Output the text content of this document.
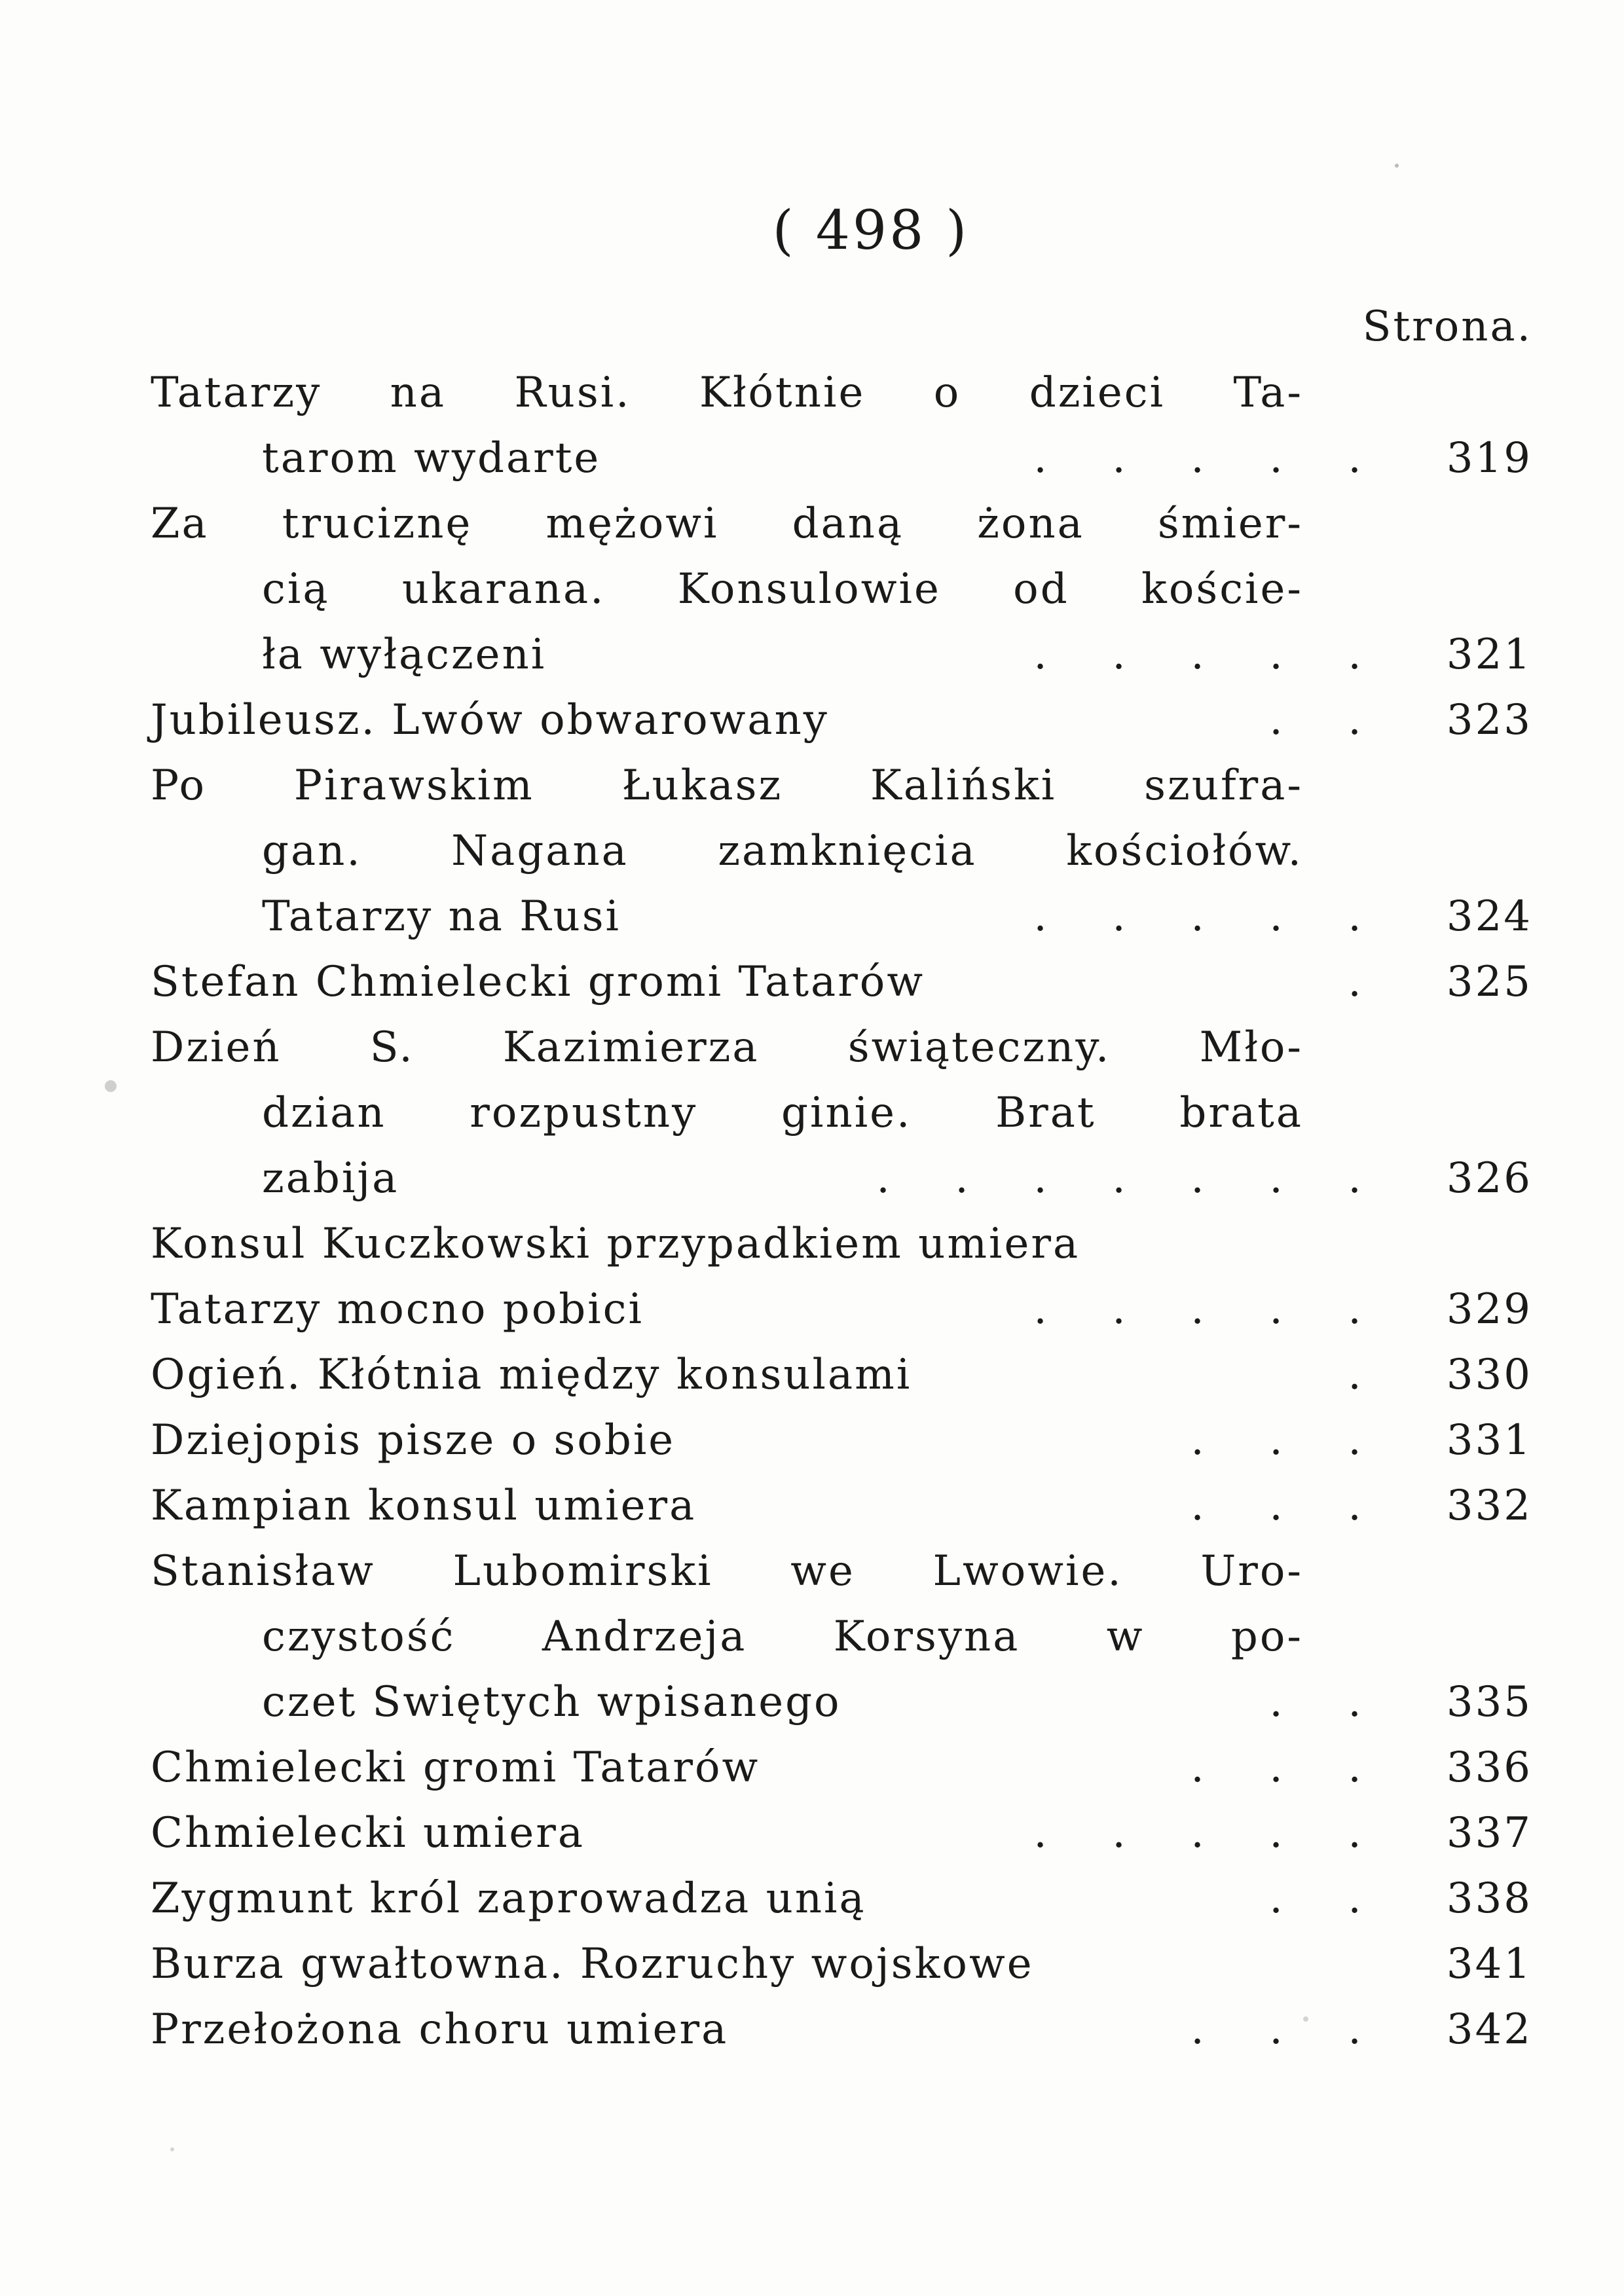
( 498 )
Strona.
Tatarzy na Rusi. Kłótnie o dzieci Ta-
tarom wydarte	.	.	.	.	.	319
Za truciznę mężowi daną żona śmier-
cią ukarana. Konsulowie od koście-
ła wyłączeni	.	.	.	.	.	321
Jubileusz. Lwów obwarowany	.	.	323
Po Pirawskim Łukasz Kaliński szufra-
gan. Nagana zamknięcia kościołów.
Tatarzy na Rusi	.	.	.	.	.	324
Stefan Chmielecki gromi Tatarów	.	325
Dzień S. Kazimierza świąteczny. Mło-
dzian rozpustny ginie. Brat brata
zabija	.	.	.	.	.	.	.	326
Konsul Kuczkowski przypadkiem umiera
Tatarzy mocno pobici	.	.	.	.	.	329
Ogień. Kłótnia między konsulami	.	330
Dziejopis pisze o sobie	.	.	.	331
Kampian konsul umiera	.	.	.	332
Stanisław Lubomirski we Lwowie. Uro-
czystość Andrzeja Korsyna w po-
czet Swiętych wpisanego	.	.	335
Chmielecki gromi Tatarów	.	.	.	336
Chmielecki umiera	.	.	.	.	.	337
Zygmunt król zaprowadza unią	.	.	338
Burza gwałtowna. Rozruchy wojskowe	341
Przełożona choru umiera	.	.	.	342
